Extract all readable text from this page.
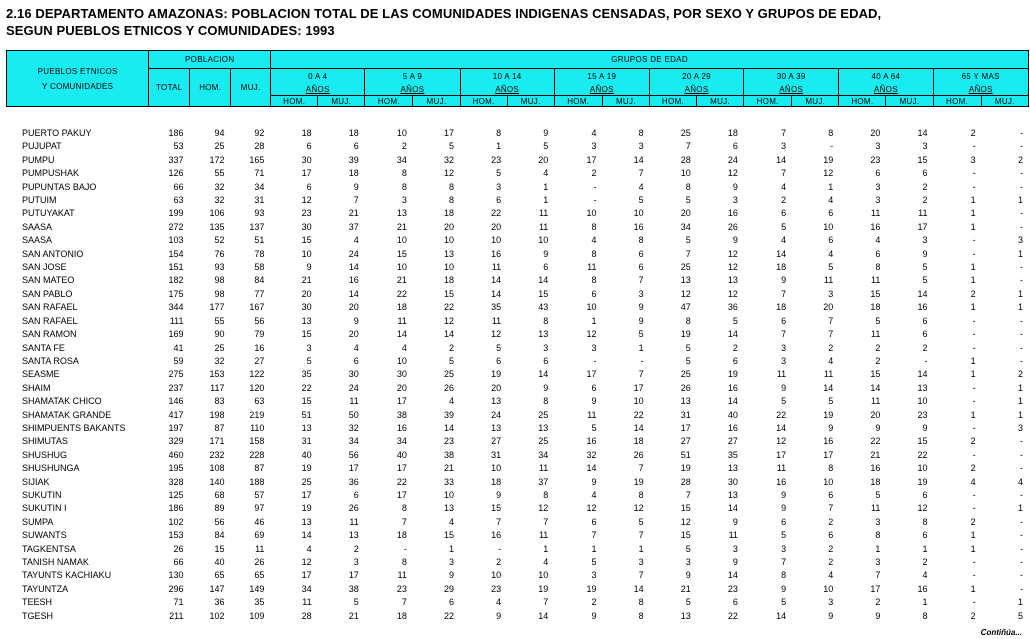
2.16 DEPARTAMENTO AMAZONAS: POBLACION TOTAL DE LAS COMUNIDADES INDIGENAS CENSADAS, POR SEXO Y GRUPOS DE EDAD,
SEGUN PUEBLOS ETNICOS Y COMUNIDADES: 1993
PUEBLOS ETNICOS
Y COMUNIDADES	POBLACION			GRUPOS DE EDAD															
	TOTAL	HOM.	MUJ.	0 A 4		5 A 9		10 A 14		15 A 19		20 A 29		30 A 39		40 A 64		65 Y MAS	
				AÑOS		AÑOS		AÑOS		AÑOS		AÑOS		AÑOS		AÑOS		AÑOS	
				HOM.	MUJ.	HOM.	MUJ.	HOM.	MUJ.	HOM.	MUJ.	HOM.	MUJ.	HOM.	MUJ.	HOM.	MUJ.	HOM.	MUJ.
PUERTO PAKUY	186	94	92	18	18	10	17	8	9	4	8	25	18	7	8	20	14	2	-
PUJUPAT	53	25	28	6	6	2	5	1	5	3	3	7	6	3	-	3	3	-	-
PUMPU	337	172	165	30	39	34	32	23	20	17	14	28	24	14	19	23	15	3	2
PUMPUSHAK	126	55	71	17	18	8	12	5	4	2	7	10	12	7	12	6	6	-	-
PUPUNTAS BAJO	66	32	34	6	9	8	8	3	1	-	4	8	9	4	1	3	2	-	-
PUTUIM	63	32	31	12	7	3	8	6	1	-	5	5	3	2	4	3	2	1	1
PUTUYAKAT	199	106	93	23	21	13	18	22	11	10	10	20	16	6	6	11	11	1	-
SAASA	272	135	137	30	37	21	20	20	11	8	16	34	26	5	10	16	17	1	-
SAASA	103	52	51	15	4	10	10	10	10	4	8	5	9	4	6	4	3	-	3
SAN ANTONIO	154	76	78	10	24	15	13	16	9	8	6	7	12	14	4	6	9	-	1
SAN JOSE	151	93	58	9	14	10	10	11	6	11	6	25	12	18	5	8	5	1	-
SAN MATEO	182	98	84	21	16	21	18	14	14	8	7	13	13	9	11	11	5	1	-
SAN PABLO	175	98	77	20	14	22	15	14	15	6	3	12	12	7	3	15	14	2	1
SAN RAFAEL	344	177	167	30	20	18	22	35	43	10	9	47	36	18	20	18	16	1	1
SAN RAFAEL	111	55	56	13	9	11	12	11	8	1	9	8	5	6	7	5	6	-	-
SAN RAMON	169	90	79	15	20	14	14	12	13	12	5	19	14	7	7	11	6	-	-
SANTA FE	41	25	16	3	4	4	2	5	3	3	1	5	2	3	2	2	2	-	-
SANTA ROSA	59	32	27	5	6	10	5	6	6	-	-	5	6	3	4	2	-	1	-
SEASME	275	153	122	35	30	30	25	19	14	17	7	25	19	11	11	15	14	1	2
SHAIM	237	117	120	22	24	20	26	20	9	6	17	26	16	9	14	14	13	-	1
SHAMATAK CHICO	146	83	63	15	11	17	4	13	8	9	10	13	14	5	5	11	10	-	1
SHAMATAK GRANDE	417	198	219	51	50	38	39	24	25	11	22	31	40	22	19	20	23	1	1
SHIMPUENTS BAKANTS	197	87	110	13	32	16	14	13	13	5	14	17	16	14	9	9	9	-	3
SHIMUTAS	329	171	158	31	34	34	23	27	25	16	18	27	27	12	16	22	15	2	-
SHUSHUG	460	232	228	40	56	40	38	31	34	32	26	51	35	17	17	21	22	-	-
SHUSHUNGA	195	108	87	19	17	17	21	10	11	14	7	19	13	11	8	16	10	2	-
SIJIAK	328	140	188	25	36	22	33	18	37	9	19	28	30	16	10	18	19	4	4
SUKUTIN	125	68	57	17	6	17	10	9	8	4	8	7	13	9	6	5	6	-	-
SUKUTIN I	186	89	97	19	26	8	13	15	12	12	12	15	14	9	7	11	12	-	1
SUMPA	102	56	46	13	11	7	4	7	7	6	5	12	9	6	2	3	8	2	-
SUWANTS	153	84	69	14	13	18	15	16	11	7	7	15	11	5	6	8	6	1	-
TAGKENTSA	26	15	11	4	2	-	1	-	1	1	1	5	3	3	2	1	1	1	-
TANISH NAMAK	66	40	26	12	3	8	3	2	4	5	3	3	9	7	2	3	2	-	-
TAYUNTS KACHIAKU	130	65	65	17	17	11	9	10	10	3	7	9	14	8	4	7	4	-	-
TAYUNTZA	296	147	149	34	38	23	29	23	19	19	14	21	23	9	10	17	16	1	-
TEESH	71	36	35	11	5	7	6	4	7	2	8	5	6	5	3	2	1	-	1
TGESH	211	102	109	28	21	18	22	9	14	9	8	13	22	14	9	9	8	2	5
Contiñúa...
